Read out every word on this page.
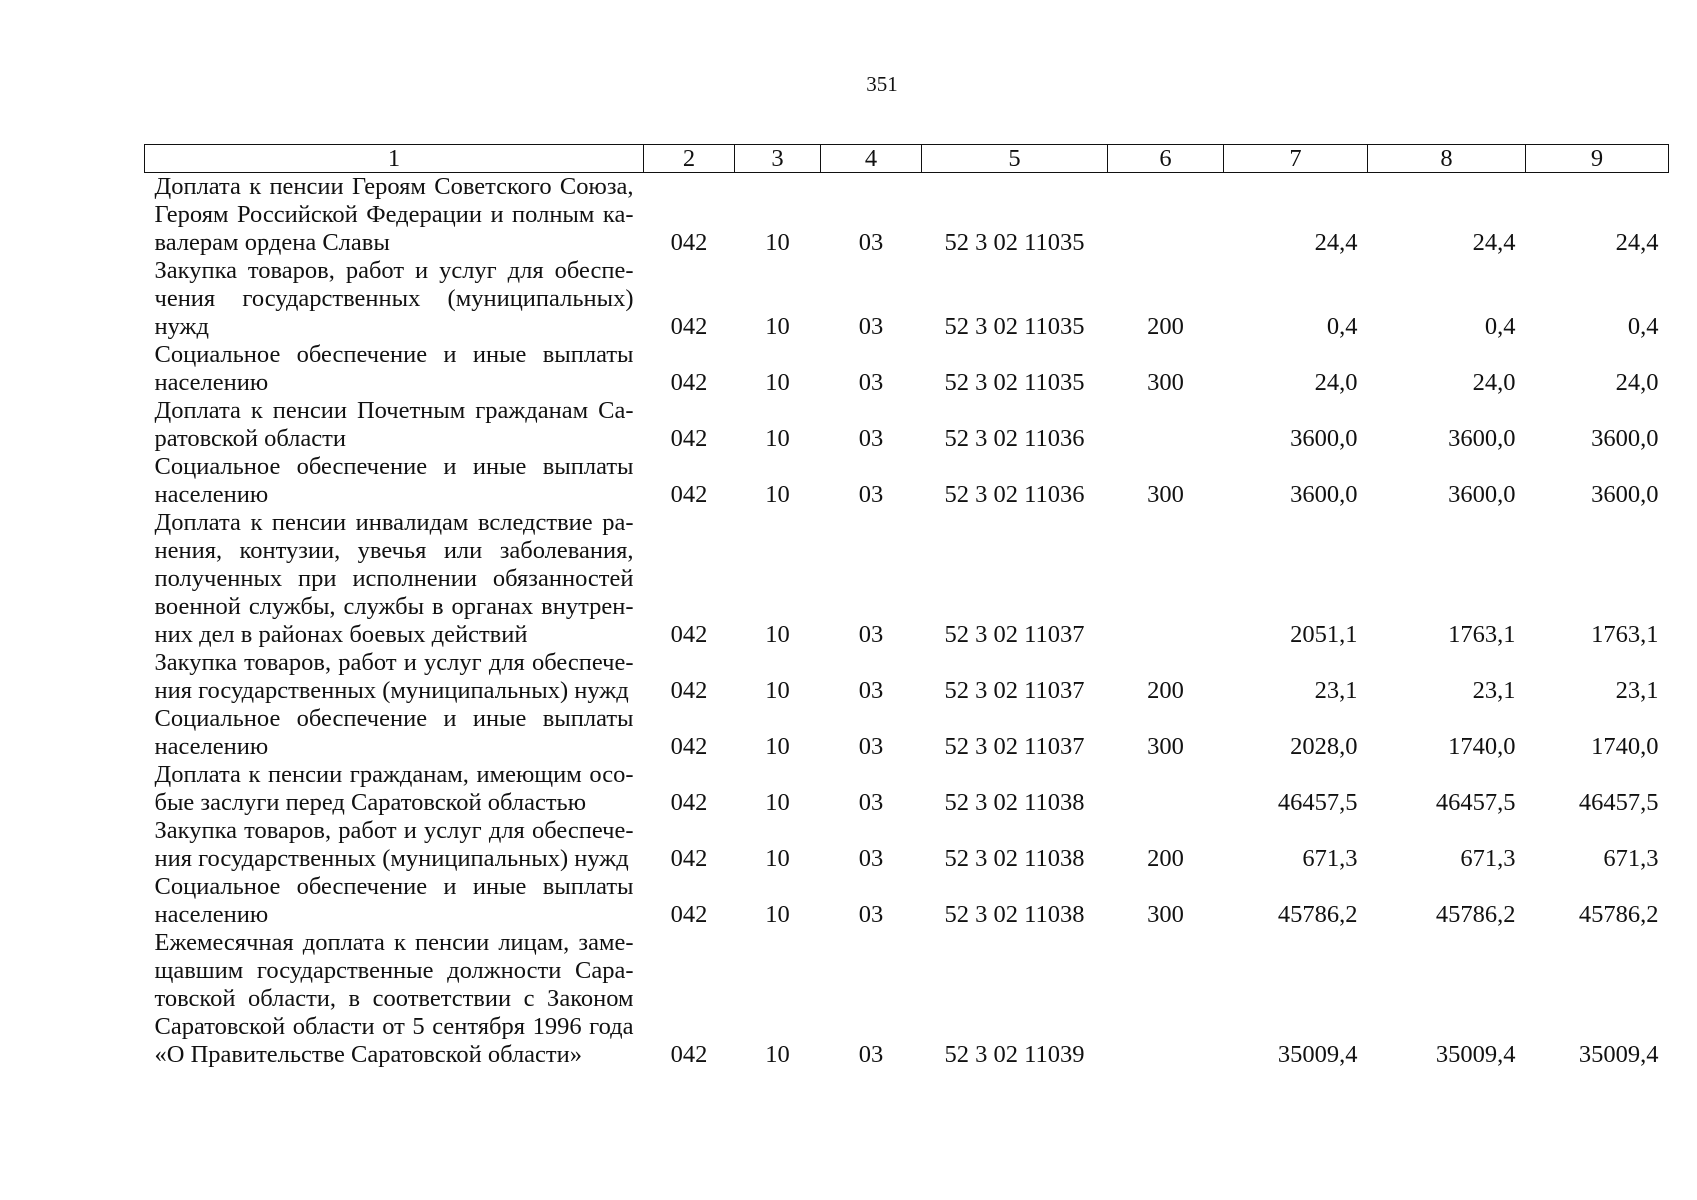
351
1	2	3	4	5	6	7	8	9
Доплата к пенсии Героям Советского Союза, Героям Российской Федерации и полным кавалерам ордена Славы	042	10	03	52 3 02 11035		24,4	24,4	24,4
Закупка товаров, работ и услуг для обеспечения государственных (муниципальных) нужд	042	10	03	52 3 02 11035	200	0,4	0,4	0,4
Социальное обеспечение и иные выплаты населению	042	10	03	52 3 02 11035	300	24,0	24,0	24,0
Доплата к пенсии Почетным гражданам Саратовской области	042	10	03	52 3 02 11036		3600,0	3600,0	3600,0
Социальное обеспечение и иные выплаты населению	042	10	03	52 3 02 11036	300	3600,0	3600,0	3600,0
Доплата к пенсии инвалидам вследствие ранения, контузии, увечья или заболевания, полученных при исполнении обязанностей военной службы, службы в органах внутренних дел в районах боевых действий	042	10	03	52 3 02 11037		2051,1	1763,1	1763,1
Закупка товаров, работ и услуг для обеспечения государственных (муниципальных) нужд	042	10	03	52 3 02 11037	200	23,1	23,1	23,1
Социальное обеспечение и иные выплаты населению	042	10	03	52 3 02 11037	300	2028,0	1740,0	1740,0
Доплата к пенсии гражданам, имеющим особые заслуги перед Саратовской областью	042	10	03	52 3 02 11038		46457,5	46457,5	46457,5
Закупка товаров, работ и услуг для обеспечения государственных (муниципальных) нужд	042	10	03	52 3 02 11038	200	671,3	671,3	671,3
Социальное обеспечение и иные выплаты населению	042	10	03	52 3 02 11038	300	45786,2	45786,2	45786,2
Ежемесячная доплата к пенсии лицам, замещавшим государственные должности Саратовской области, в соответствии с Законом Саратовской области от 5 сентября 1996 года «О Правительстве Саратовской области»	042	10	03	52 3 02 11039		35009,4	35009,4	35009,4
